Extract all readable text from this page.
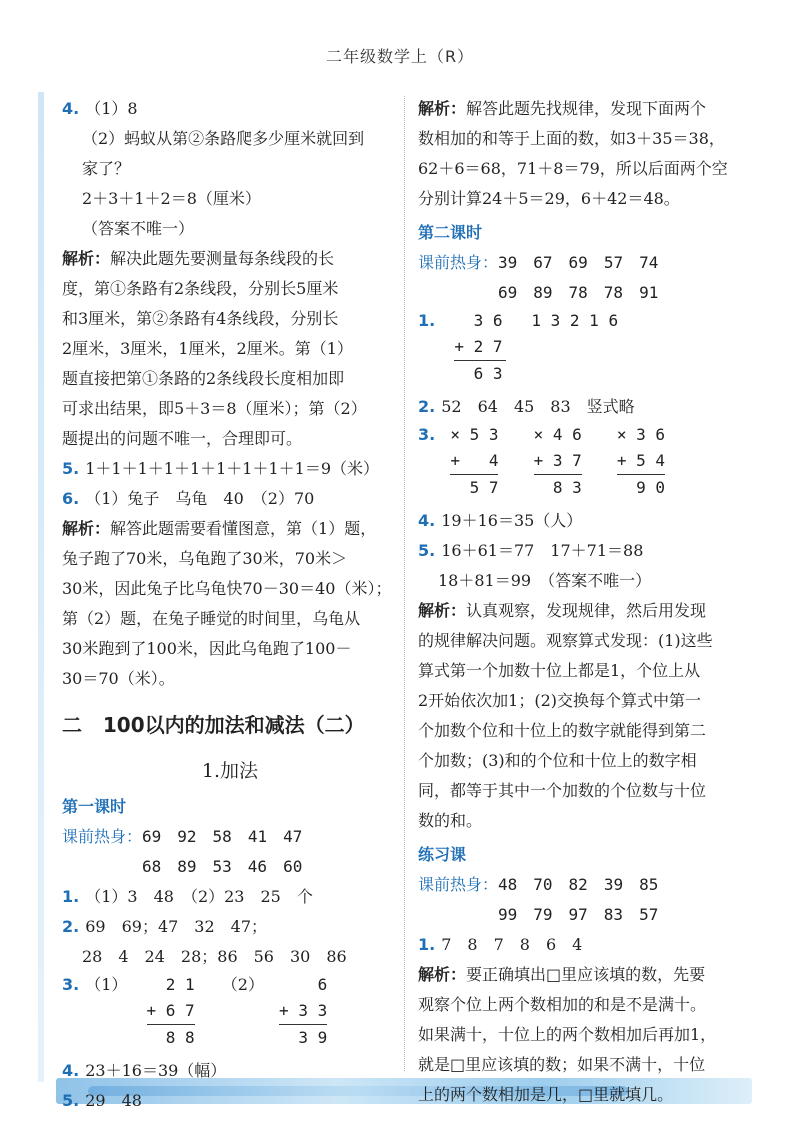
二年级数学上（R）
4. （1）8
（2）蚂蚁从第②条路爬多少厘米就回到
家了？
2＋3＋1＋2＝8（厘米）
（答案不唯一）
解析：解决此题先要测量每条线段的长
度，第①条路有2条线段，分别长5厘米
和3厘米，第②条路有4条线段，分别长
2厘米，3厘米，1厘米，2厘米。第（1）
题直接把第①条路的2条线段长度相加即
可求出结果，即5＋3＝8（厘米）；第（2）
题提出的问题不唯一，合理即可。
5. 1＋1＋1＋1＋1＋1＋1＋1＋1＝9（米）
6. （1）兔子　乌龟　40　（2）70
解析：解答此题需要看懂图意，第（1）题，
兔子跑了70米，乌龟跑了30米，70米＞
30米，因此兔子比乌龟快70－30＝40（米）；
第（2）题，在兔子睡觉的时间里，乌龟从
30米跑到了100米，因此乌龟跑了100－
30＝70（米）。
二 100以内的加法和减法（二）
1.加法
第一课时
课前热身：69　92　58　41　47
68　89　53　46　60
1. （1）3　48　（2）23　25　个
2. 69　69；47　32　47；
28　4　24　28；86　56　30　86
3. （1） 2 1
+ 6 7
8 8
（2） 6
+ 3 3
3 9
4. 23＋16＝39（幅）
5. 29　48
解析：解答此题先找规律，发现下面两个
数相加的和等于上面的数，如3＋35＝38，
62＋6＝68，71＋8＝79，所以后面两个空
分别计算24＋5＝29，6＋42＝48。
第二课时
课前热身：39　67　69　57　74
69　89　78　78　91
1. 3 6   1 3 2 1 6
+ 2 7
6 3
2. 52　64　45　83　竖式略
3. × 5 3
+   4
5 7

× 4 6
+ 3 7
8 3

× 3 6
+ 5 4
9 0
4. 19＋16＝35（人）
5. 16＋61＝77　17＋71＝88
18＋81＝99　（答案不唯一）
解析：认真观察，发现规律，然后用发现
的规律解决问题。观察算式发现：(1)这些
算式第一个加数十位上都是1，个位上从
2开始依次加1；(2)交换每个算式中第一
个加数个位和十位上的数字就能得到第二
个加数；(3)和的个位和十位上的数字相
同，都等于其中一个加数的个位数与十位
数的和。
练习课
课前热身：48　70　82　39　85
99　79　97　83　57
1. 7　8　7　8　6　4
解析：要正确填出□里应该填的数，先要
观察个位上两个数相加的和是不是满十。
如果满十，十位上的两个数相加后再加1，
就是□里应该填的数；如果不满十，十位
上的两个数相加是几，□里就填几。
